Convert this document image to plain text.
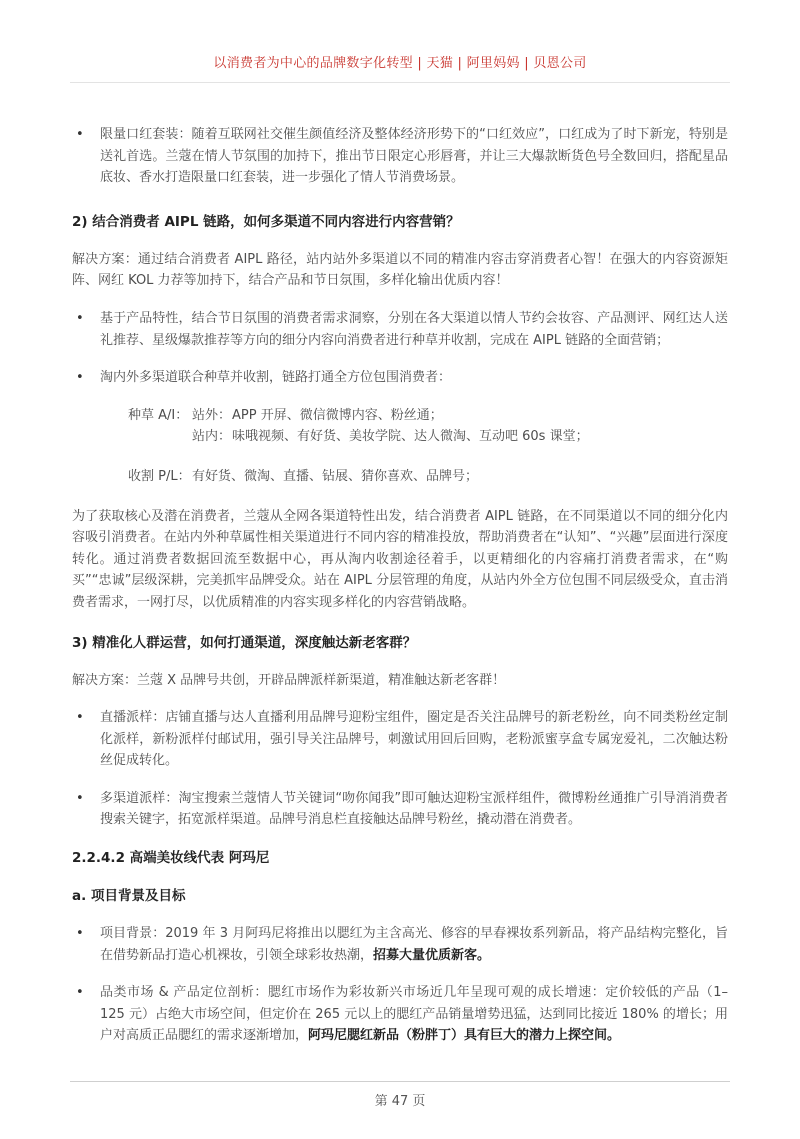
以消费者为中心的品牌数字化转型 | 天猫 | 阿里妈妈 | 贝恩公司

• 限量口红套装：随着互联网社交催生颜值经济及整体经济形势下的“口红效应”，口红成为了时下新宠，特别是送礼首选。兰蔻在情人节氛围的加持下，推出节日限定心形唇膏，并让三大爆款断货色号全数回归，搭配星品底妆、香水打造限量口红套装，进一步强化了情人节消费场景。

2) 结合消费者 AIPL 链路，如何多渠道不同内容进行内容营销？

解决方案：通过结合消费者 AIPL 路径，站内站外多渠道以不同的精准内容击穿消费者心智！在强大的内容资源矩阵、网红 KOL 力荐等加持下，结合产品和节日氛围，多样化输出优质内容！

• 基于产品特性，结合节日氛围的消费者需求洞察，分别在各大渠道以情人节约会妆容、产品测评、网红达人送礼推荐、星级爆款推荐等方向的细分内容向消费者进行种草并收割，完成在 AIPL 链路的全面营销；

• 淘内外多渠道联合种草并收割，链路打通全方位包围消费者：

种草 A/I： 站外：APP 开屏、微信微博内容、粉丝通；
站内：味哦视频、有好货、美妆学院、达人微淘、互动吧 60s 课堂；
收割 P/L：有好货、微淘、直播、钻展、猜你喜欢、品牌号；

为了获取核心及潜在消费者，兰蔻从全网各渠道特性出发，结合消费者 AIPL 链路，在不同渠道以不同的细分化内容吸引消费者。在站内外种草属性相关渠道进行不同内容的精准投放，帮助消费者在“认知”、“兴趣”层面进行深度转化。通过消费者数据回流至数据中心，再从淘内收割途径着手，以更精细化的内容痛打消费者需求，在“购买”“忠诚”层级深耕，完美抓牢品牌受众。站在 AIPL 分层管理的角度，从站内外全方位包围不同层级受众，直击消费者需求，一网打尽，以优质精准的内容实现多样化的内容营销战略。

3) 精准化人群运营，如何打通渠道，深度触达新老客群？

解决方案：兰蔻 X 品牌号共创，开辟品牌派样新渠道，精准触达新老客群！

• 直播派样：店铺直播与达人直播利用品牌号迎粉宝组件，圈定是否关注品牌号的新老粉丝，向不同类粉丝定制化派样，新粉派样付邮试用，强引导关注品牌号，刺激试用回后回购，老粉派蜜享盒专属宠爱礼，二次触达粉丝促成转化。

• 多渠道派样：淘宝搜索兰蔻情人节关键词“吻你闻我”即可触达迎粉宝派样组件，微博粉丝通推广引导消消费者搜索关键字，拓宽派样渠道。品牌号消息栏直接触达品牌号粉丝，撬动潜在消费者。

2.2.4.2 高端美妆线代表 阿玛尼

a. 项目背景及目标

• 项目背景：2019 年 3 月阿玛尼将推出以腮红为主含高光、修容的早春裸妆系列新品，将产品结构完整化，旨在借势新品打造心机裸妆，引领全球彩妆热潮，招募大量优质新客。

• 品类市场 & 产品定位剖析：腮红市场作为彩妆新兴市场近几年呈现可观的成长增速：定价较低的产品（1–125 元）占绝大市场空间，但定价在 265 元以上的腮红产品销量增势迅猛，达到同比接近 180% 的增长；用户对高质正品腮红的需求逐渐增加，阿玛尼腮红新品（粉胖丁）具有巨大的潜力上探空间。

第 47 页
